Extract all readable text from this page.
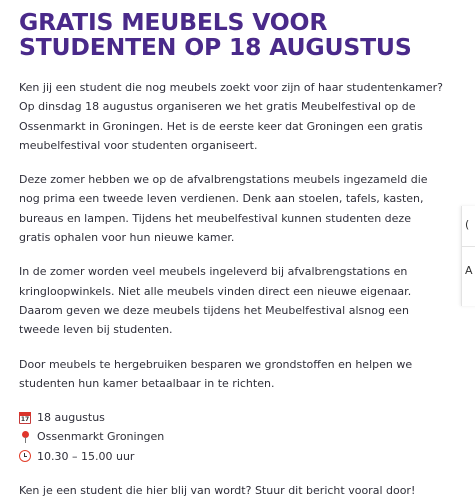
GRATIS MEUBELS VOOR STUDENTEN OP 18 AUGUSTUS

Ken jij een student die nog meubels zoekt voor zijn of haar studentenkamer? Op dinsdag 18 augustus organiseren we het gratis Meubelfestival op de Ossenmarkt in Groningen. Het is de eerste keer dat Groningen een gratis meubelfestival voor studenten organiseert.

Deze zomer hebben we op de afvalbrengstations meubels ingezameld die nog prima een tweede leven verdienen. Denk aan stoelen, tafels, kasten, bureaus en lampen. Tijdens het meubelfestival kunnen studenten deze gratis ophalen voor hun nieuwe kamer.

In de zomer worden veel meubels ingeleverd bij afvalbrengstations en kringloopwinkels. Niet alle meubels vinden direct een nieuwe eigenaar. Daarom geven we deze meubels tijdens het Meubelfestival alsnog een tweede leven bij studenten.

Door meubels te hergebruiken besparen we grondstoffen en helpen we studenten hun kamer betaalbaar in te richten.

17
18 augustus
Ossenmarkt Groningen
10.30 – 15.00 uur

Ken je een student die hier blij van wordt? Stuur dit bericht vooral door!

(
A
